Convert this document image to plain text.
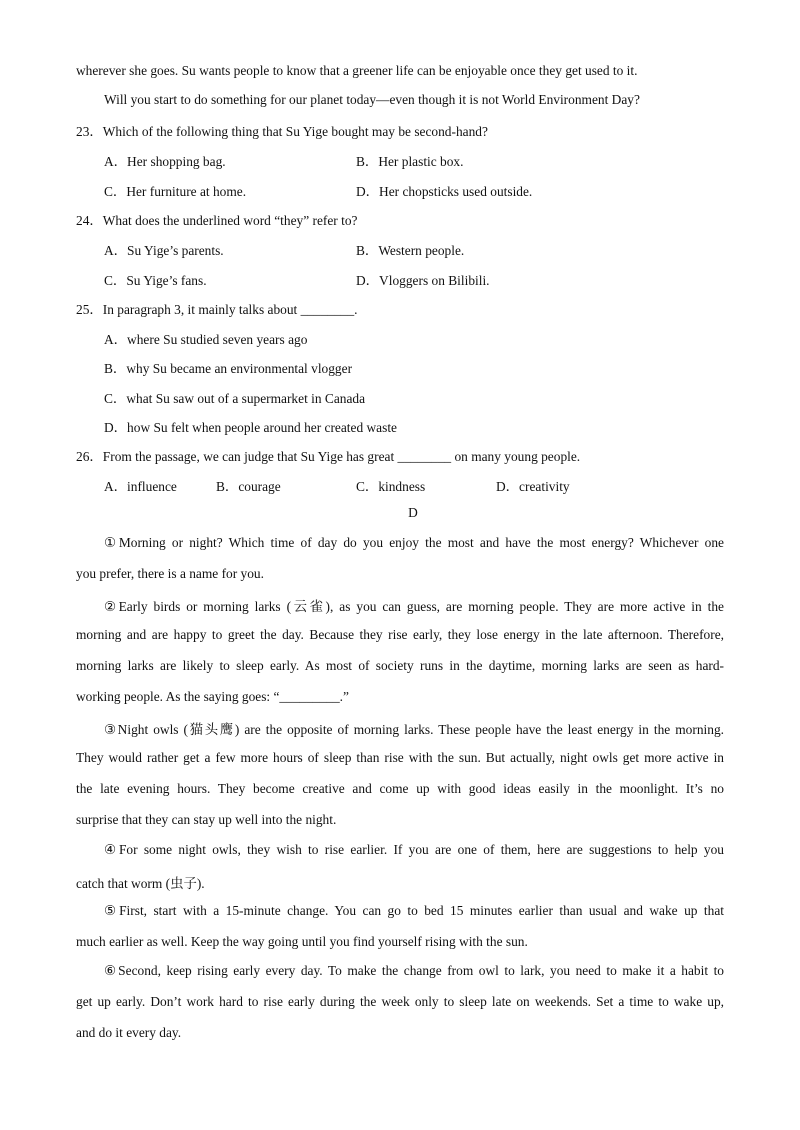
wherever she goes. Su wants people to know that a greener life can be enjoyable once they get used to it.
Will you start to do something for our planet today—even though it is not World Environment Day?
23．Which of the following thing that Su Yige bought may be second-hand?
A．Her shopping bag.	B．Her plastic box.
C．Her furniture at home.	D．Her chopsticks used outside.
24．What does the underlined word “they” refer to?
A．Su Yige’s parents.	B．Western people.
C．Su Yige’s fans.	D．Vloggers on Bilibili.
25．In paragraph 3, it mainly talks about ________.
A．where Su studied seven years ago
B．why Su became an environmental vlogger
C．what Su saw out of a supermarket in Canada
D．how Su felt when people around her created waste
26．From the passage, we can judge that Su Yige has great ________ on many young people.
A．influence	B．courage	C．kindness	D．creativity
D
①Morning or night? Which time of day do you enjoy the most and have the most energy? Whichever one
you prefer, there is a name for you.
②Early birds or morning larks (云雀), as you can guess, are morning people. They are more active in the
morning and are happy to greet the day. Because they rise early, they lose energy in the late afternoon. Therefore,
morning larks are likely to sleep early. As most of society runs in the daytime, morning larks are seen as hard-
working people. As the saying goes: “_________.”
③Night owls (猫头鹰) are the opposite of morning larks. These people have the least energy in the morning.
They would rather get a few more hours of sleep than rise with the sun. But actually, night owls get more active in
the late evening hours. They become creative and come up with good ideas easily in the moonlight. It’s no
surprise that they can stay up well into the night.
④For some night owls, they wish to rise earlier. If you are one of them, here are suggestions to help you
catch that worm (虫子).
⑤First, start with a 15-minute change. You can go to bed 15 minutes earlier than usual and wake up that
much earlier as well. Keep the way going until you find yourself rising with the sun.
⑥Second, keep rising early every day. To make the change from owl to lark, you need to make it a habit to
get up early. Don’t work hard to rise early during the week only to sleep late on weekends. Set a time to wake up,
and do it every day.
